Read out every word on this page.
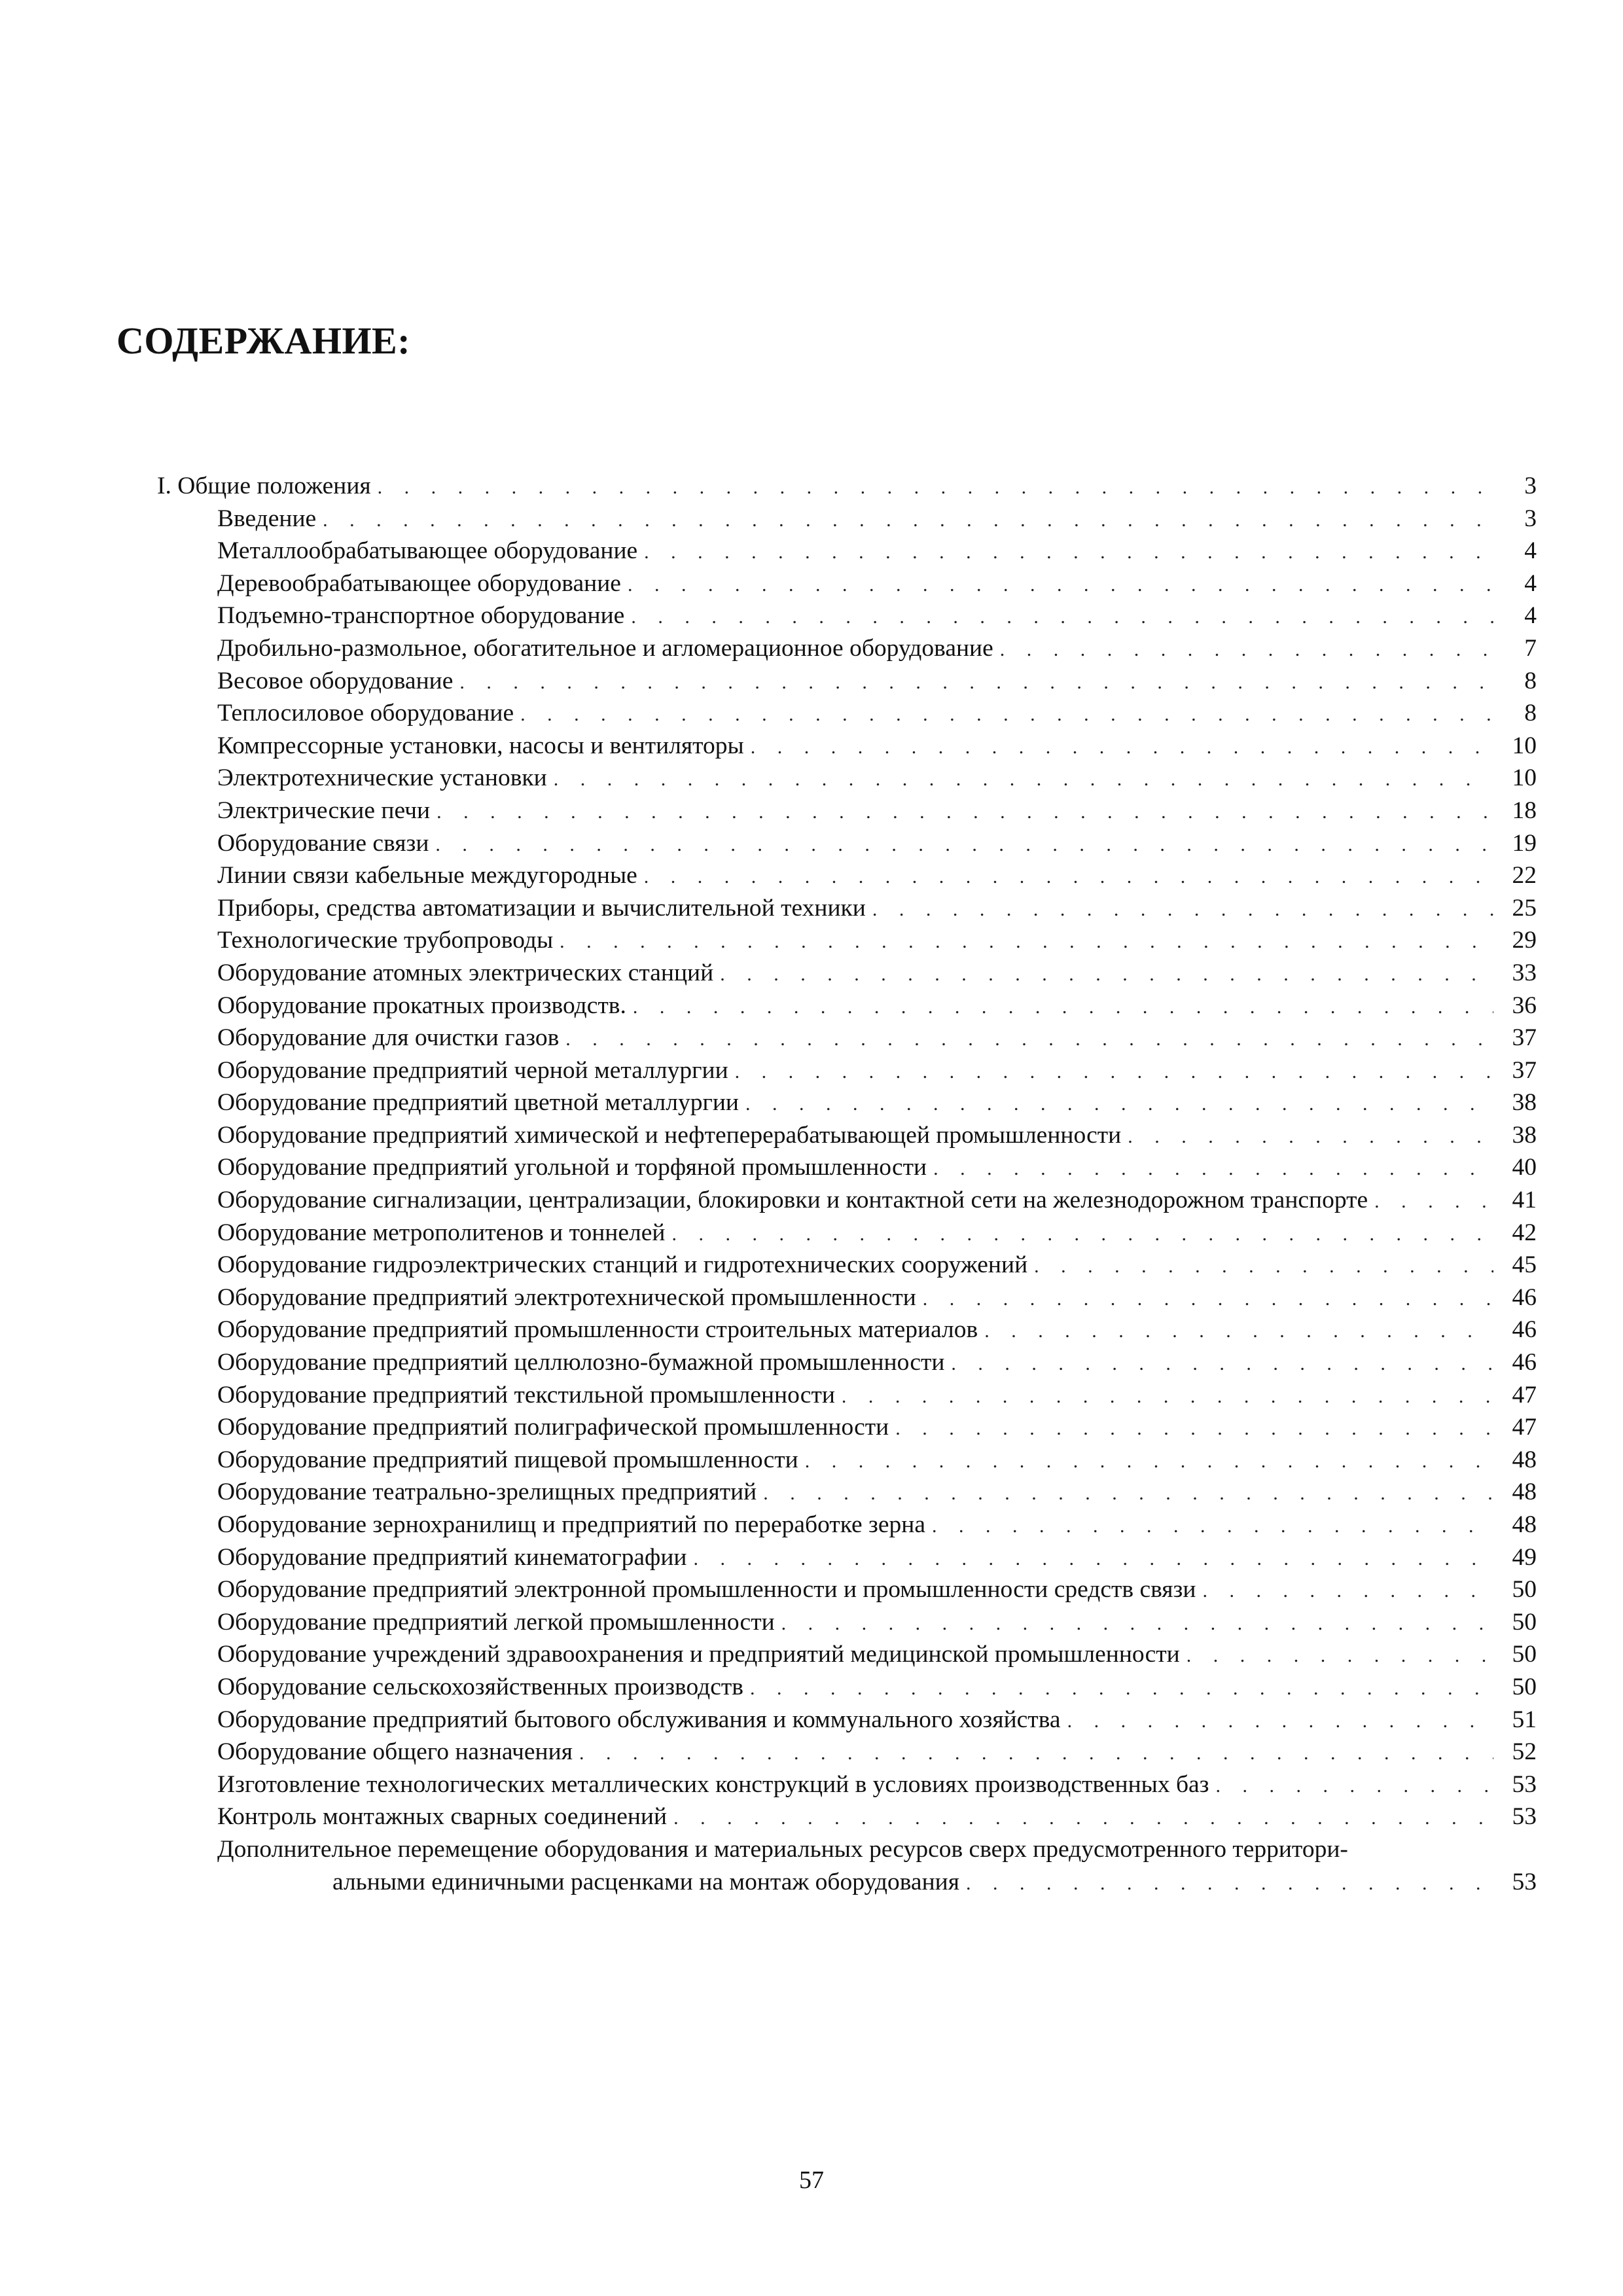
СОДЕРЖАНИЕ:
I. Общие положения . . .	3
Введение . . .	3
Металлообрабатывающее оборудование . . .	4
Деревообрабатывающее оборудование . . .	4
Подъемно-транспортное оборудование . . .	4
Дробильно-размольное, обогатительное и агломерационное оборудование . . .	7
Весовое оборудование . . .	8
Теплосиловое оборудование . . .	8
Компрессорные установки, насосы и вентиляторы . . .	10
Электротехнические установки . . .	10
Электрические печи . . .	18
Оборудование связи . . .	19
Линии связи кабельные междугородные . . .	22
Приборы, средства автоматизации и вычислительной техники . . .	25
Технологические трубопроводы . . .	29
Оборудование атомных электрических станций . . .	33
Оборудование прокатных производств. . . .	36
Оборудование для очистки газов . . .	37
Оборудование предприятий черной металлургии . . .	37
Оборудование предприятий цветной металлургии . . .	38
Оборудование предприятий химической и нефтеперерабатывающей промышленности . . .	38
Оборудование предприятий угольной и торфяной промышленности . . .	40
Оборудование сигнализации, централизации, блокировки и контактной сети на железнодорожном транспорте . . .	41
Оборудование метрополитенов и тоннелей . . .	42
Оборудование гидроэлектрических станций и гидротехнических сооружений . . .	45
Оборудование предприятий электротехнической промышленности . . .	46
Оборудование предприятий промышленности строительных материалов . . .	46
Оборудование предприятий целлюлозно-бумажной промышленности . . .	46
Оборудование предприятий текстильной промышленности . . .	47
Оборудование предприятий полиграфической промышленности . . .	47
Оборудование предприятий пищевой промышленности . . .	48
Оборудование театрально-зрелищных предприятий . . .	48
Оборудование зернохранилищ и предприятий по переработке зерна . . .	48
Оборудование предприятий кинематографии . . .	49
Оборудование предприятий электронной промышленности и промышленности средств связи . . .	50
Оборудование предприятий легкой промышленности . . .	50
Оборудование учреждений здравоохранения и предприятий медицинской промышленности . . .	50
Оборудование сельскохозяйственных производств . . .	50
Оборудование предприятий бытового обслуживания и коммунального хозяйства . . .	51
Оборудование общего назначения . . .	52
Изготовление технологических металлических конструкций в условиях производственных баз . . .	53
Контроль монтажных сварных соединений . . .	53
Дополнительное перемещение оборудования и материальных ресурсов сверх предусмотренного территори-
альными единичными расценками на монтаж оборудования . . .	53

57
